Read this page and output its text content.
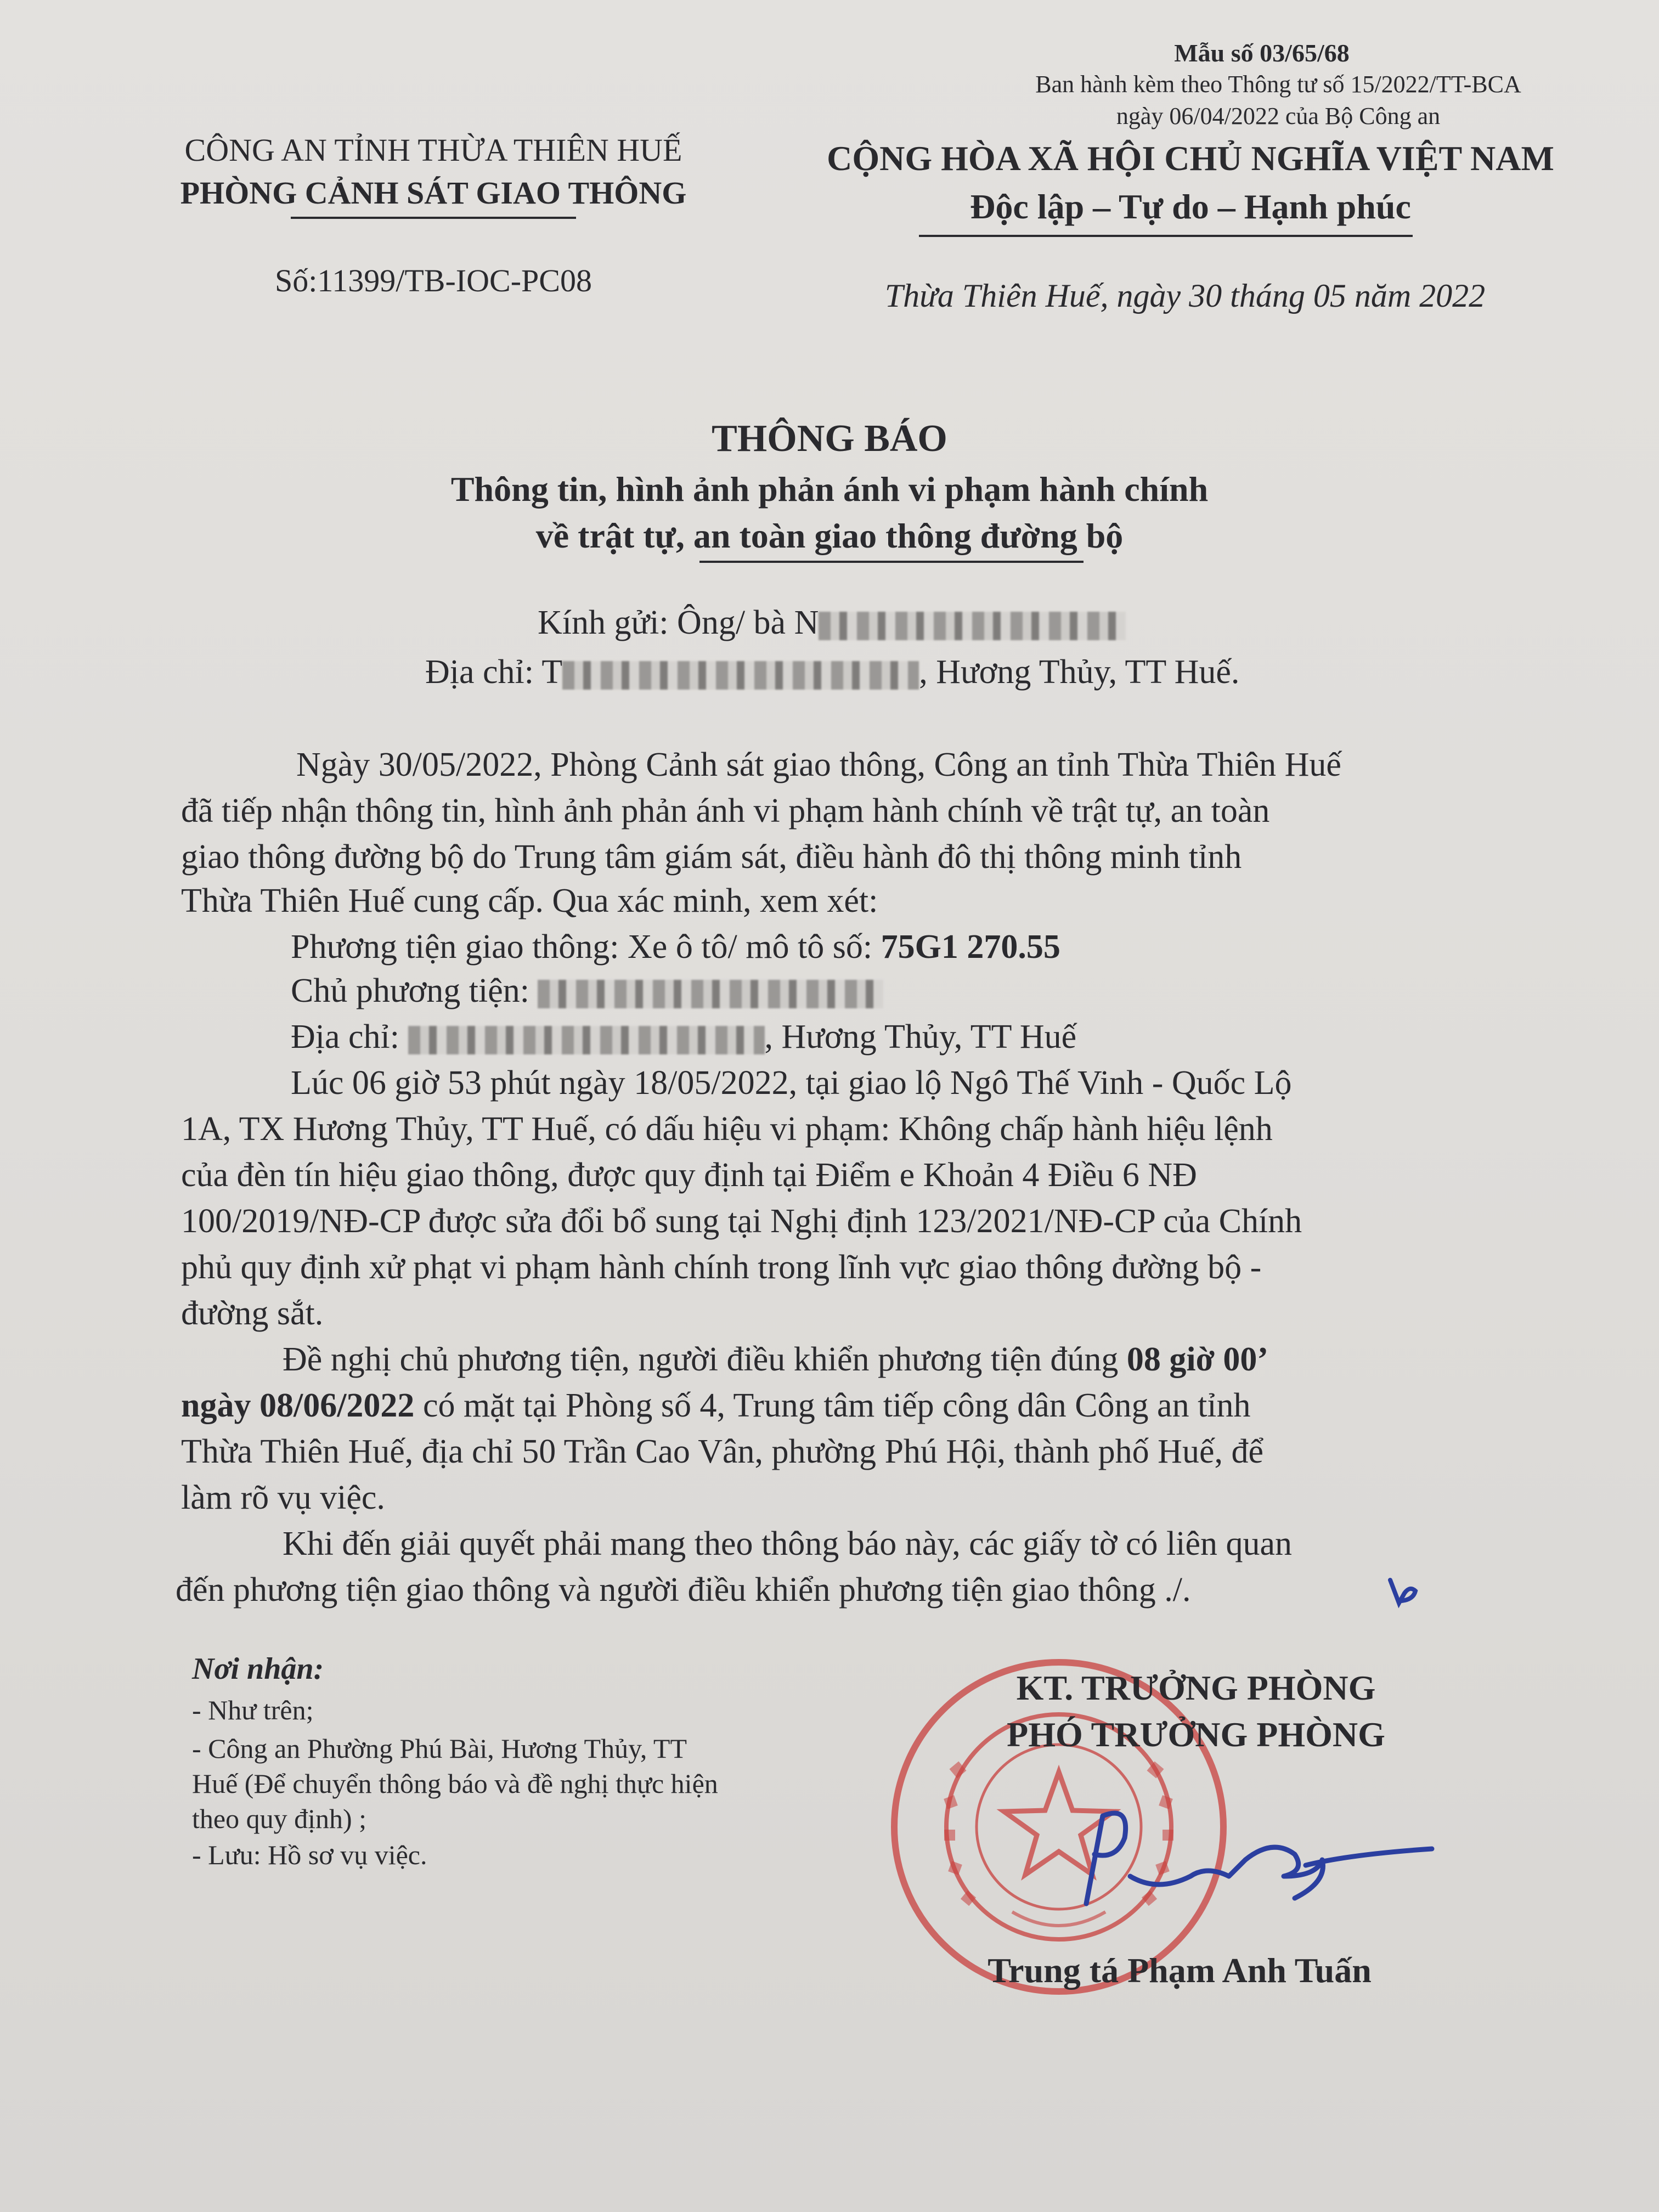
Mẫu số 03/65/68
Ban hành kèm theo Thông tư số 15/2022/TT-BCA
ngày 06/04/2022 của Bộ Công an
CÔNG AN TỈNH THỪA THIÊN HUẾ
PHÒNG CẢNH SÁT GIAO THÔNG
Số:11399/TB-IOC-PC08
CỘNG HÒA XÃ HỘI CHỦ NGHĨA VIỆT NAM
Độc lập – Tự do – Hạnh phúc
Thừa Thiên Huế, ngày 30 tháng 05 năm 2022
THÔNG BÁO
Thông tin, hình ảnh phản ánh vi phạm hành chính
về trật tự, an toàn giao thông đường bộ
Kính gửi: Ông/ bà N
Địa chỉ: T	, Hương Thủy, TT Huế.
Ngày 30/05/2022, Phòng Cảnh sát giao thông, Công an tỉnh Thừa Thiên Huế
đã tiếp nhận thông tin, hình ảnh phản ánh vi phạm hành chính về trật tự, an toàn
giao thông đường bộ do Trung tâm giám sát, điều hành đô thị thông minh tỉnh
Thừa Thiên Huế cung cấp. Qua xác minh, xem xét:
Phương tiện giao thông: Xe ô tô/ mô tô số: 75G1 270.55
Chủ phương tiện:
Địa chỉ:	, Hương Thủy, TT Huế
Lúc 06 giờ 53 phút ngày 18/05/2022, tại giao lộ Ngô Thế Vinh - Quốc Lộ
1A, TX Hương Thủy, TT Huế, có dấu hiệu vi phạm: Không chấp hành hiệu lệnh
của đèn tín hiệu giao thông, được quy định tại Điểm e Khoản 4 Điều 6 NĐ
100/2019/NĐ-CP được sửa đổi bổ sung tại Nghị định 123/2021/NĐ-CP của Chính
phủ quy định xử phạt vi phạm hành chính trong lĩnh vực giao thông đường bộ -
đường sắt.
Đề nghị chủ phương tiện, người điều khiển phương tiện đúng 08 giờ 00’
ngày 08/06/2022 có mặt tại Phòng số 4, Trung tâm tiếp công dân Công an tỉnh
Thừa Thiên Huế, địa chỉ 50 Trần Cao Vân, phường Phú Hội, thành phố Huế, để
làm rõ vụ việc.
Khi đến giải quyết phải mang theo thông báo này, các giấy tờ có liên quan
đến phương tiện giao thông và người điều khiển phương tiện giao thông ./.
Nơi nhận:
- Như trên;
- Công an Phường Phú Bài, Hương Thủy, TT
Huế (Để chuyển thông báo và đề nghị thực hiện
theo quy định) ;
- Lưu: Hồ sơ vụ việc.
KT. TRƯỞNG PHÒNG
PHÓ TRƯỞNG PHÒNG
Trung tá Phạm Anh Tuấn
